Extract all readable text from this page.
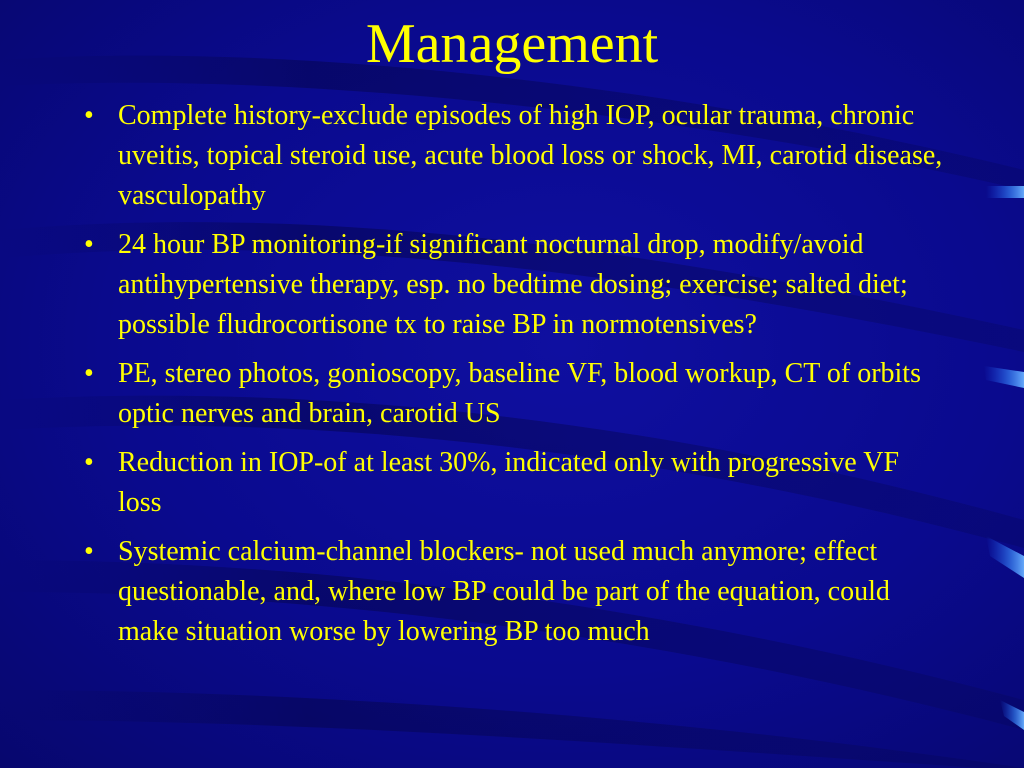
Management
• Complete history-exclude episodes of high IOP, ocular trauma, chronic uveitis, topical steroid use, acute blood loss or shock, MI, carotid disease, vasculopathy
• 24 hour BP monitoring-if significant nocturnal drop, modify/avoid antihypertensive therapy, esp. no bedtime dosing; exercise; salted diet; possible fludrocortisone tx to raise BP in normotensives?
• PE, stereo photos, gonioscopy, baseline VF, blood workup, CT of orbits optic nerves and brain, carotid US
• Reduction in IOP-of at least 30%, indicated only with progressive VF loss
• Systemic calcium-channel blockers- not used much anymore; effect questionable, and, where low BP could be part of the equation, could make situation worse by lowering BP too much
